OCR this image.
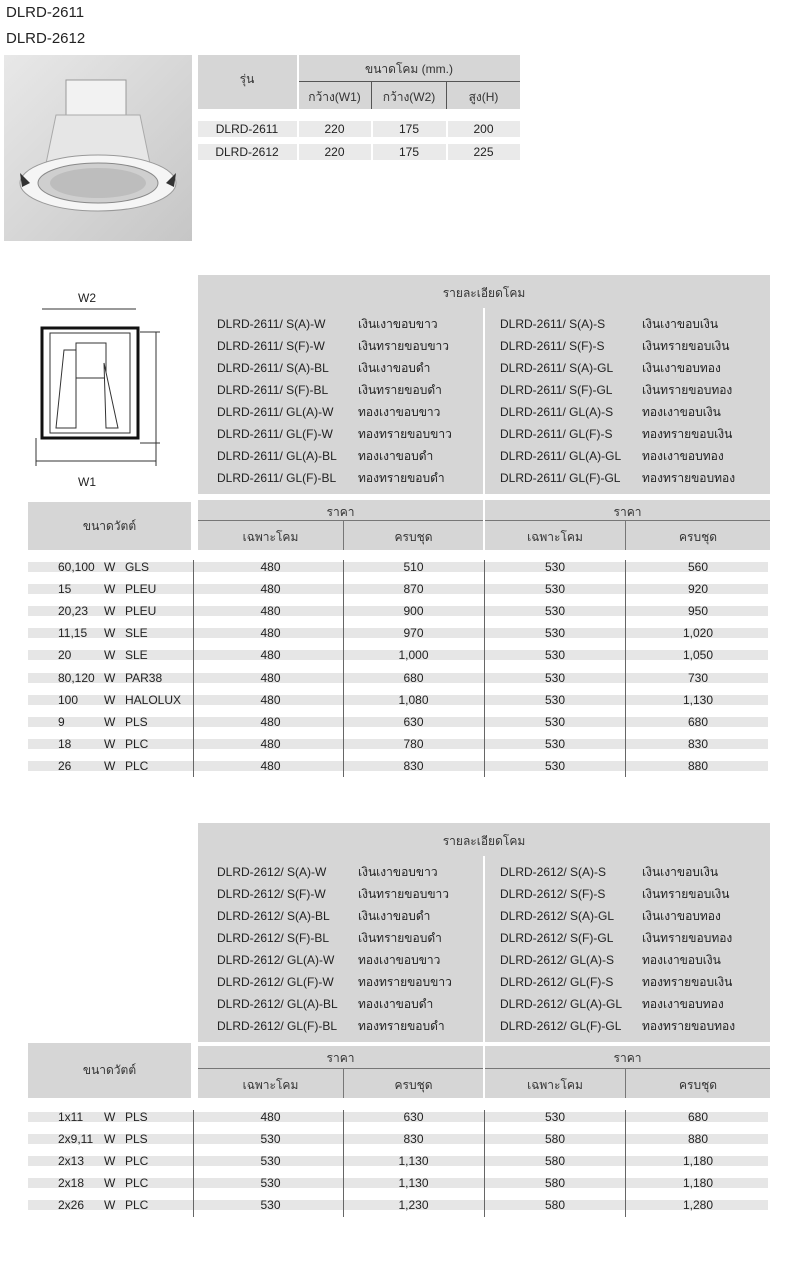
DLRD-2611
DLRD-2612
รุ่น
ขนาดโคม (mm.)
กว้าง(W1)	กว้าง(W2)	สูง(H)
DLRD-2611	220	175	200
DLRD-2612	220	175	225
W2
W1
รายละเอียดโคม
DLRD-2611/ S(A)-W	เงินเงาขอบขาว	DLRD-2611/ S(A)-S	เงินเงาขอบเงิน
DLRD-2611/ S(F)-W	เงินทรายขอบขาว	DLRD-2611/ S(F)-S	เงินทรายขอบเงิน
DLRD-2611/ S(A)-BL เงินเงาขอบดำ	DLRD-2611/ S(A)-GL เงินเงาขอบทอง
DLRD-2611/ S(F)-BL เงินทรายขอบดำ	DLRD-2611/ S(F)-GL เงินทรายขอบทอง
DLRD-2611/ GL(A)-W ทองเงาขอบขาว	DLRD-2611/ GL(A)-S ทองเงาขอบเงิน
DLRD-2611/ GL(F)-W ทองทรายขอบขาว	DLRD-2611/ GL(F)-S ทองทรายขอบเงิน
DLRD-2611/ GL(A)-BL ทองเงาขอบดำ	DLRD-2611/ GL(A)-GL ทองเงาขอบทอง
DLRD-2611/ GL(F)-BL ทองทรายขอบดำ	DLRD-2611/ GL(F)-GL ทองทรายขอบทอง
ขนาดวัตต์
ราคา
เฉพาะโคม	ครบชุด
ราคา
เฉพาะโคม	ครบชุด
60,100 W GLS	480	510	530	560
15	W PLEU	480	870	530	920
20,23 W PLEU	480	900	530	950
11,15 W SLE	480	970	530	1,020
20	W SLE	480	1,000	530	1,050
80,120 W PAR38	480	680	530	730
100 W HALOLUX	480	1,080	530	1,130
9	W PLS	480	630	530	680
18	W PLC	480	780	530	830
26	W PLC	480	830	530	880
รายละเอียดโคม
DLRD-2612/ S(A)-W	เงินเงาขอบขาว	DLRD-2612/ S(A)-S	เงินเงาขอบเงิน
DLRD-2612/ S(F)-W	เงินทรายขอบขาว	DLRD-2612/ S(F)-S	เงินทรายขอบเงิน
DLRD-2612/ S(A)-BL เงินเงาขอบดำ	DLRD-2612/ S(A)-GL เงินเงาขอบทอง
DLRD-2612/ S(F)-BL เงินทรายขอบดำ	DLRD-2612/ S(F)-GL เงินทรายขอบทอง
DLRD-2612/ GL(A)-W ทองเงาขอบขาว	DLRD-2612/ GL(A)-S ทองเงาขอบเงิน
DLRD-2612/ GL(F)-W ทองทรายขอบขาว	DLRD-2612/ GL(F)-S ทองทรายขอบเงิน
DLRD-2612/ GL(A)-BL ทองเงาขอบดำ	DLRD-2612/ GL(A)-GL ทองเงาขอบทอง
DLRD-2612/ GL(F)-BL ทองทรายขอบดำ	DLRD-2612/ GL(F)-GL ทองทรายขอบทอง
ขนาดวัตต์
ราคา
เฉพาะโคม	ครบชุด
ราคา
เฉพาะโคม	ครบชุด
1x11 W PLS	480	630	530	680
2x9,11 W PLS	530	830	580	880
2x13 W PLC	530	1,130	580	1,180
2x18 W PLC	530	1,130	580	1,180
2x26 W PLC	530	1,230	580	1,280
